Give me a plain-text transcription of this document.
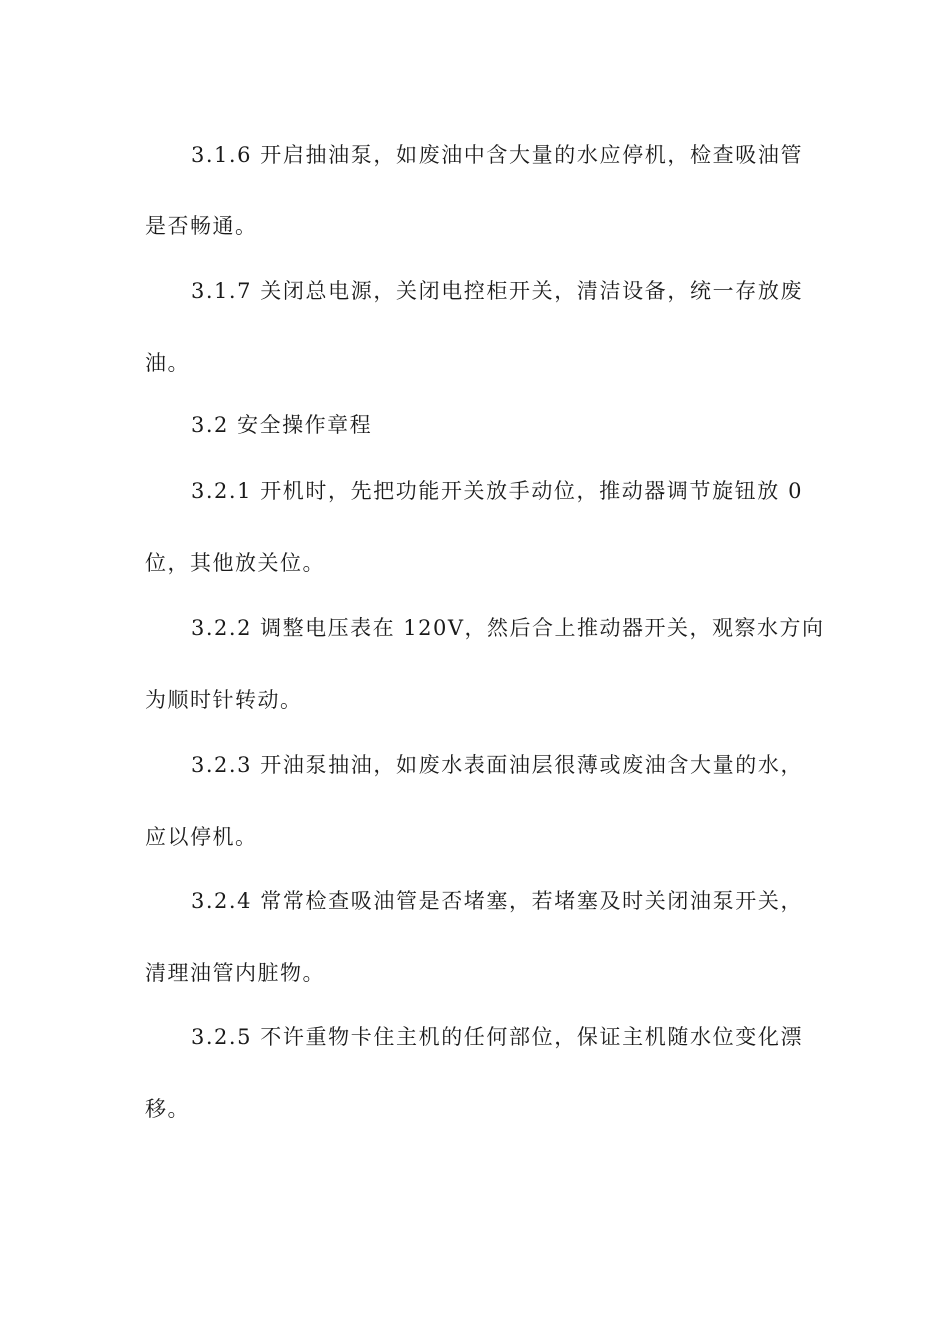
3.1.6 开启抽油泵，如废油中含大量的水应停机，检查吸油管
是否畅通。
3.1.7 关闭总电源，关闭电控柜开关，清洁设备，统一存放废
油。
3.2 安全操作章程
3.2.1 开机时，先把功能开关放手动位，推动器调节旋钮放 0
位，其他放关位。
3.2.2 调整电压表在 120V，然后合上推动器开关，观察水方向
为顺时针转动。
3.2.3 开油泵抽油，如废水表面油层很薄或废油含大量的水，
应以停机。
3.2.4 常常检查吸油管是否堵塞，若堵塞及时关闭油泵开关，
清理油管内脏物。
3.2.5 不许重物卡住主机的任何部位，保证主机随水位变化漂
移。
